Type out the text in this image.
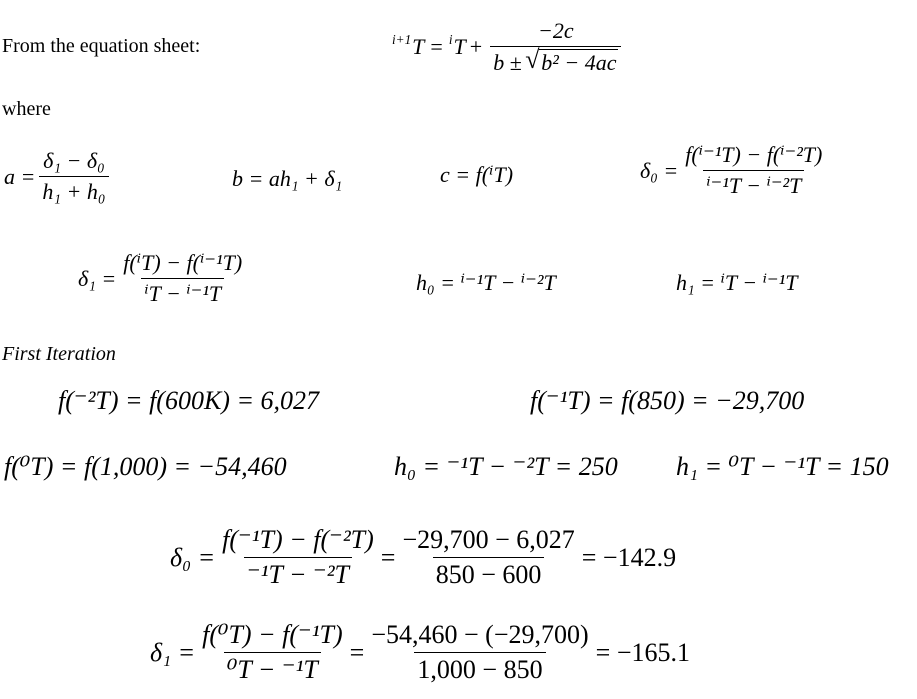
From the equation sheet:	$^{i+1}T = ^iT + \frac{-2c}{\text{b ± √ b² − 4ac}}$
where
$a = \frac{\text{δ₁ − δ₀}}{\text{h₁ + h₀}}$	b = ah₁ + δ₁	c = f(ⁱT)	$\delta_0 = \frac{\text{f(ⁱ⁻¹T) − f(ⁱ⁻²T)}}{\text{ⁱ⁻¹T − ⁱ⁻²T}}$
$\delta_1 = \frac{\text{f(ⁱT) − f(ⁱ⁻¹T)}}{\text{ⁱT − ⁱ⁻¹T}}$	h₀ = ⁱ⁻¹T − ⁱ⁻²T	h₁ = ⁱT − ⁱ⁻¹T
First Iteration
f(⁻²T) = f(600K) = 6,027	f(⁻¹T) = f(850) = −29,700
f(⁰T) = f(1,000) = −54,460	h₀ = ⁻¹T − ⁻²T = 250 h₁ = ⁰T − ⁻¹T = 150
$\delta_0 = \frac{\text{f(⁻¹T) − f(⁻²T)}}{\text{⁻¹T − ⁻²T}} = \frac{-29,700 - 6,027}{850 - 600} = -142.9$
$\delta_1 = \frac{\text{f(⁰T) − f(⁻¹T)}}{\text{⁰T − ⁻¹T}} = \frac{-54,460 - (-29,700)}{1,000 - 850} = -165.1$
